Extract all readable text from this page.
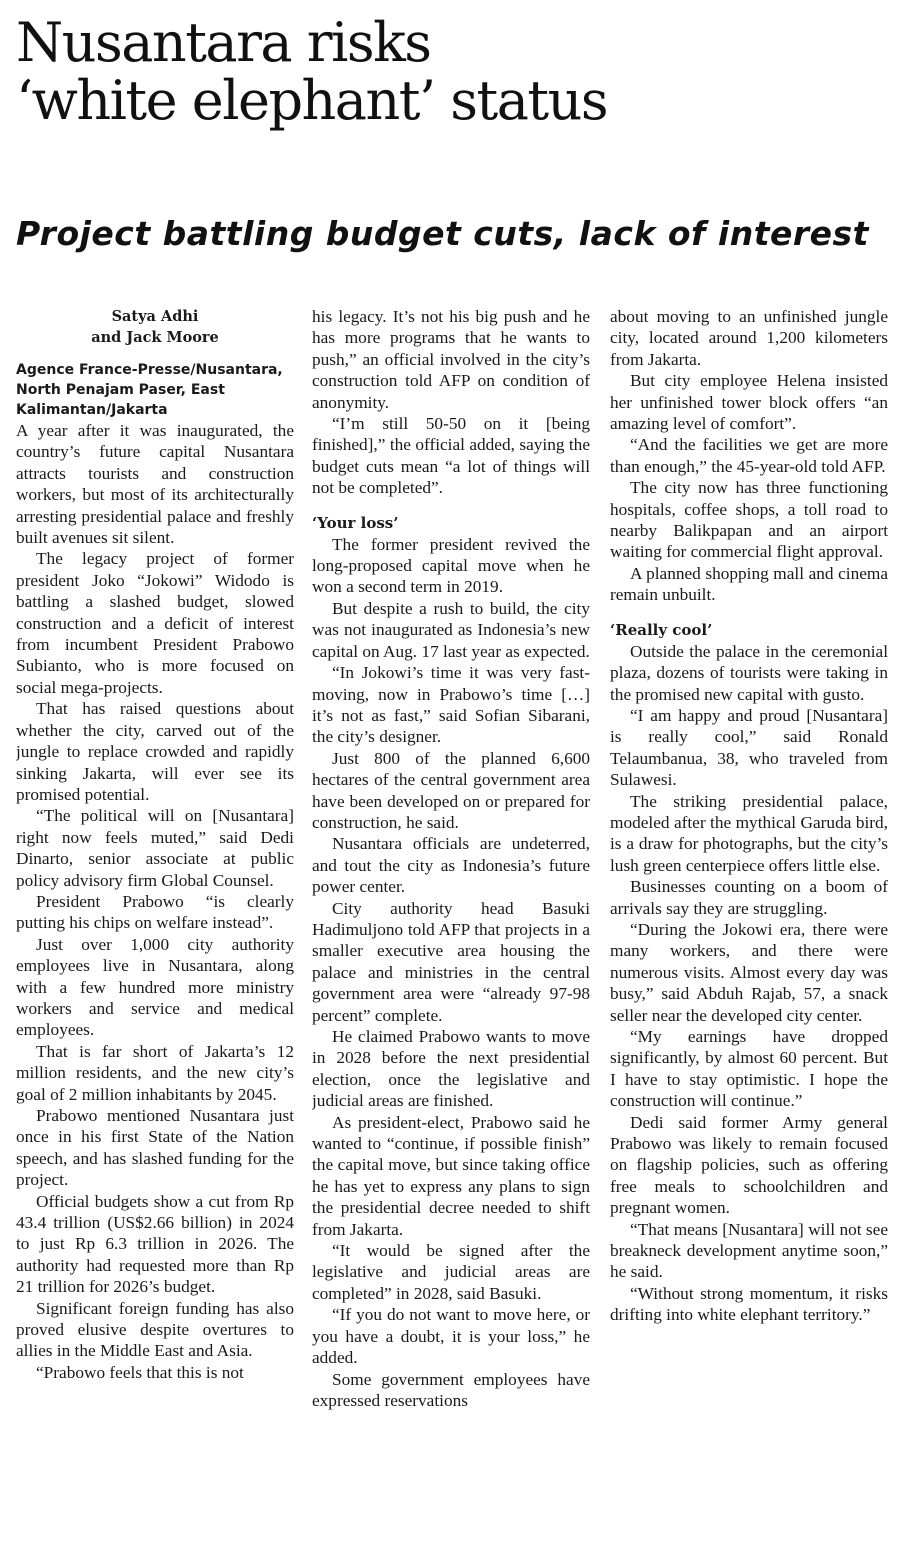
Nusantara risks
‘white elephant’ status
Project battling budget cuts, lack of interest
Satya Adhi
and Jack Moore
Agence France-Presse/Nusantara,
North Penajam Paser, East
Kalimantan/Jakarta

A year after it was inaugurated, the country’s future capital Nusantara attracts tourists and construction workers, but most of its architecturally arresting presidential palace and freshly built avenues sit silent.

The legacy project of former president Joko “Jokowi” Widodo is battling a slashed budget, slowed construction and a deficit of interest from incumbent President Prabowo Subianto, who is more focused on social mega-projects.

That has raised questions about whether the city, carved out of the jungle to replace crowded and rapidly sinking Jakarta, will ever see its promised potential.

“The political will on [Nusantara] right now feels muted,” said Dedi Dinarto, senior associate at public policy advisory firm Global Counsel.

President Prabowo “is clearly putting his chips on welfare instead”.

Just over 1,000 city authority employees live in Nusantara, along with a few hundred more ministry workers and service and medical employees.

That is far short of Jakarta’s 12 million residents, and the new city’s goal of 2 million inhabitants by 2045.

Prabowo mentioned Nusantara just once in his first State of the Nation speech, and has slashed funding for the project.

Official budgets show a cut from Rp 43.4 trillion (US$2.66 billion) in 2024 to just Rp 6.3 trillion in 2026. The authority had requested more than Rp 21 trillion for 2026’s budget.

Significant foreign funding has also proved elusive despite overtures to allies in the Middle East and Asia.

“Prabowo feels that this is not

his legacy. It’s not his big push and he has more programs that he wants to push,” an official involved in the city’s construction told AFP on condition of anonymity.

“I’m still 50-50 on it [being finished],” the official added, saying the budget cuts mean “a lot of things will not be completed”.

‘Your loss’

The former president revived the long-proposed capital move when he won a second term in 2019.

But despite a rush to build, the city was not inaugurated as Indonesia’s new capital on Aug. 17 last year as expected.

“In Jokowi’s time it was very fast-moving, now in Prabowo’s time […] it’s not as fast,” said Sofian Sibarani, the city’s designer.

Just 800 of the planned 6,600 hectares of the central government area have been developed on or prepared for construction, he said.

Nusantara officials are undeterred, and tout the city as Indonesia’s future power center.

City authority head Basuki Hadimuljono told AFP that projects in a smaller executive area housing the palace and ministries in the central government area were “already 97-98 percent” complete.

He claimed Prabowo wants to move in 2028 before the next presidential election, once the legislative and judicial areas are finished.

As president-elect, Prabowo said he wanted to “continue, if possible finish” the capital move, but since taking office he has yet to express any plans to sign the presidential decree needed to shift from Jakarta.

“It would be signed after the legislative and judicial areas are completed” in 2028, said Basuki.

“If you do not want to move here, or you have a doubt, it is your loss,” he added.

Some government employees have expressed reservations

about moving to an unfinished jungle city, located around 1,200 kilometers from Jakarta.

But city employee Helena insisted her unfinished tower block offers “an amazing level of comfort”.

“And the facilities we get are more than enough,” the 45-year-old told AFP.

The city now has three functioning hospitals, coffee shops, a toll road to nearby Balikpapan and an airport waiting for commercial flight approval.

A planned shopping mall and cinema remain unbuilt.

‘Really cool’

Outside the palace in the ceremonial plaza, dozens of tourists were taking in the promised new capital with gusto.

“I am happy and proud [Nusantara] is really cool,” said Ronald Telaumbanua, 38, who traveled from Sulawesi.

The striking presidential palace, modeled after the mythical Garuda bird, is a draw for photographs, but the city’s lush green centerpiece offers little else.

Businesses counting on a boom of arrivals say they are struggling.

“During the Jokowi era, there were many workers, and there were numerous visits. Almost every day was busy,” said Abduh Rajab, 57, a snack seller near the developed city center.

“My earnings have dropped significantly, by almost 60 percent. But I have to stay optimistic. I hope the construction will continue.”

Dedi said former Army general Prabowo was likely to remain focused on flagship policies, such as offering free meals to schoolchildren and pregnant women.

“That means [Nusantara] will not see breakneck development anytime soon,” he said.

“Without strong momentum, it risks drifting into white elephant territory.”
